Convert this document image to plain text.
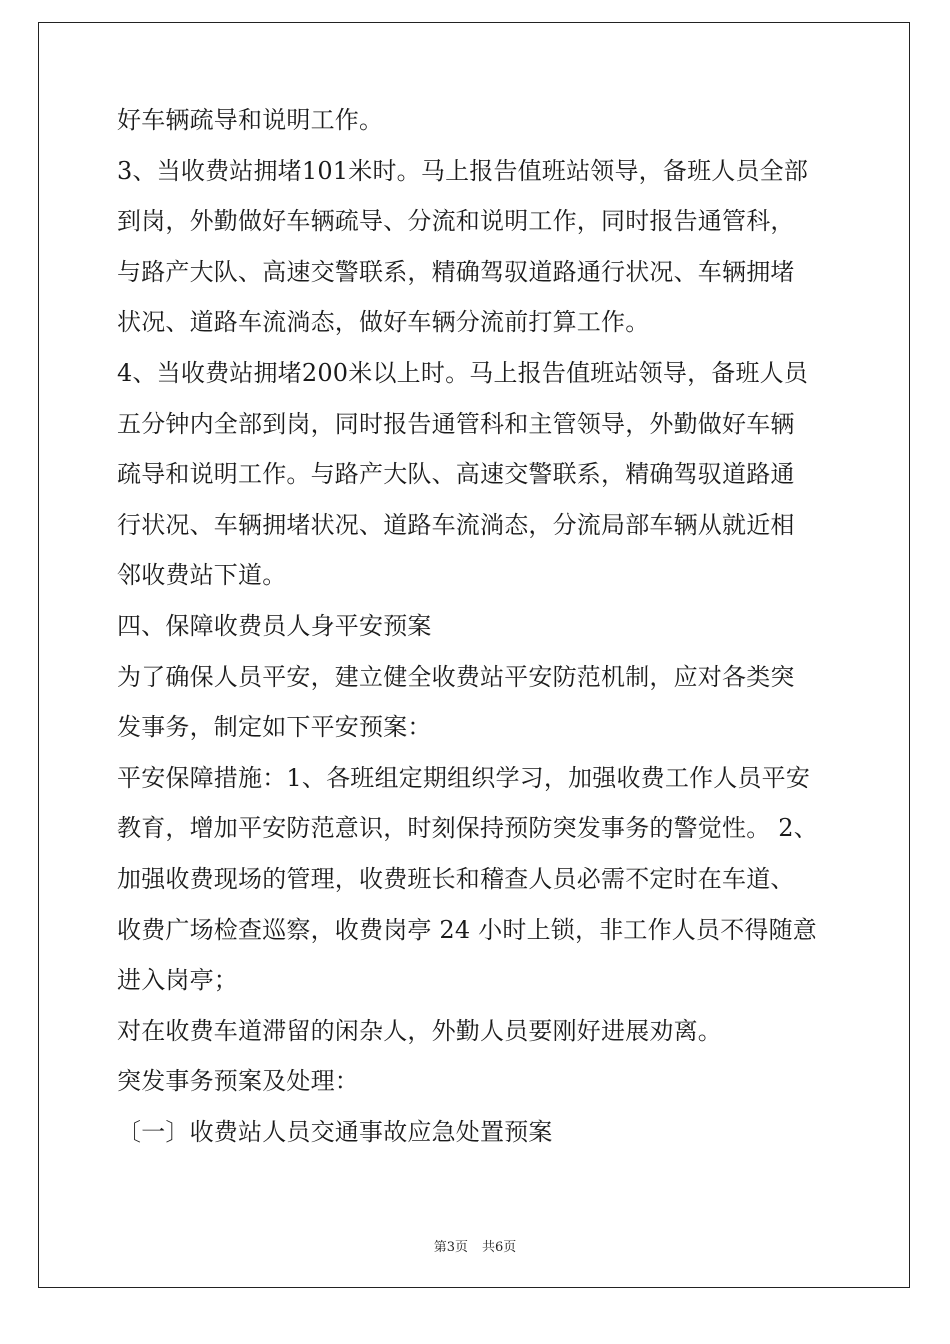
好车辆疏导和说明工作。
3、当收费站拥堵101米时。马上报告值班站领导，备班人员全部
到岗，外勤做好车辆疏导、分流和说明工作，同时报告通管科，
与路产大队、高速交警联系，精确驾驭道路通行状况、车辆拥堵
状况、道路车流淌态，做好车辆分流前打算工作。
4、当收费站拥堵200米以上时。马上报告值班站领导，备班人员
五分钟内全部到岗，同时报告通管科和主管领导，外勤做好车辆
疏导和说明工作。与路产大队、高速交警联系，精确驾驭道路通
行状况、车辆拥堵状况、道路车流淌态，分流局部车辆从就近相
邻收费站下道。
四、保障收费员人身平安预案
为了确保人员平安，建立健全收费站平安防范机制，应对各类突
发事务，制定如下平安预案：
平安保障措施：1、各班组定期组织学习，加强收费工作人员平安
教育，增加平安防范意识，时刻保持预防突发事务的警觉性。 2、
加强收费现场的管理，收费班长和稽查人员必需不定时在车道、
收费广场检查巡察，收费岗亭 24 小时上锁，非工作人员不得随意
进入岗亭；
对在收费车道滞留的闲杂人，外勤人员要刚好进展劝离。
突发事务预案及处理：
〔一〕收费站人员交通事故应急处置预案
第3页 共6页
